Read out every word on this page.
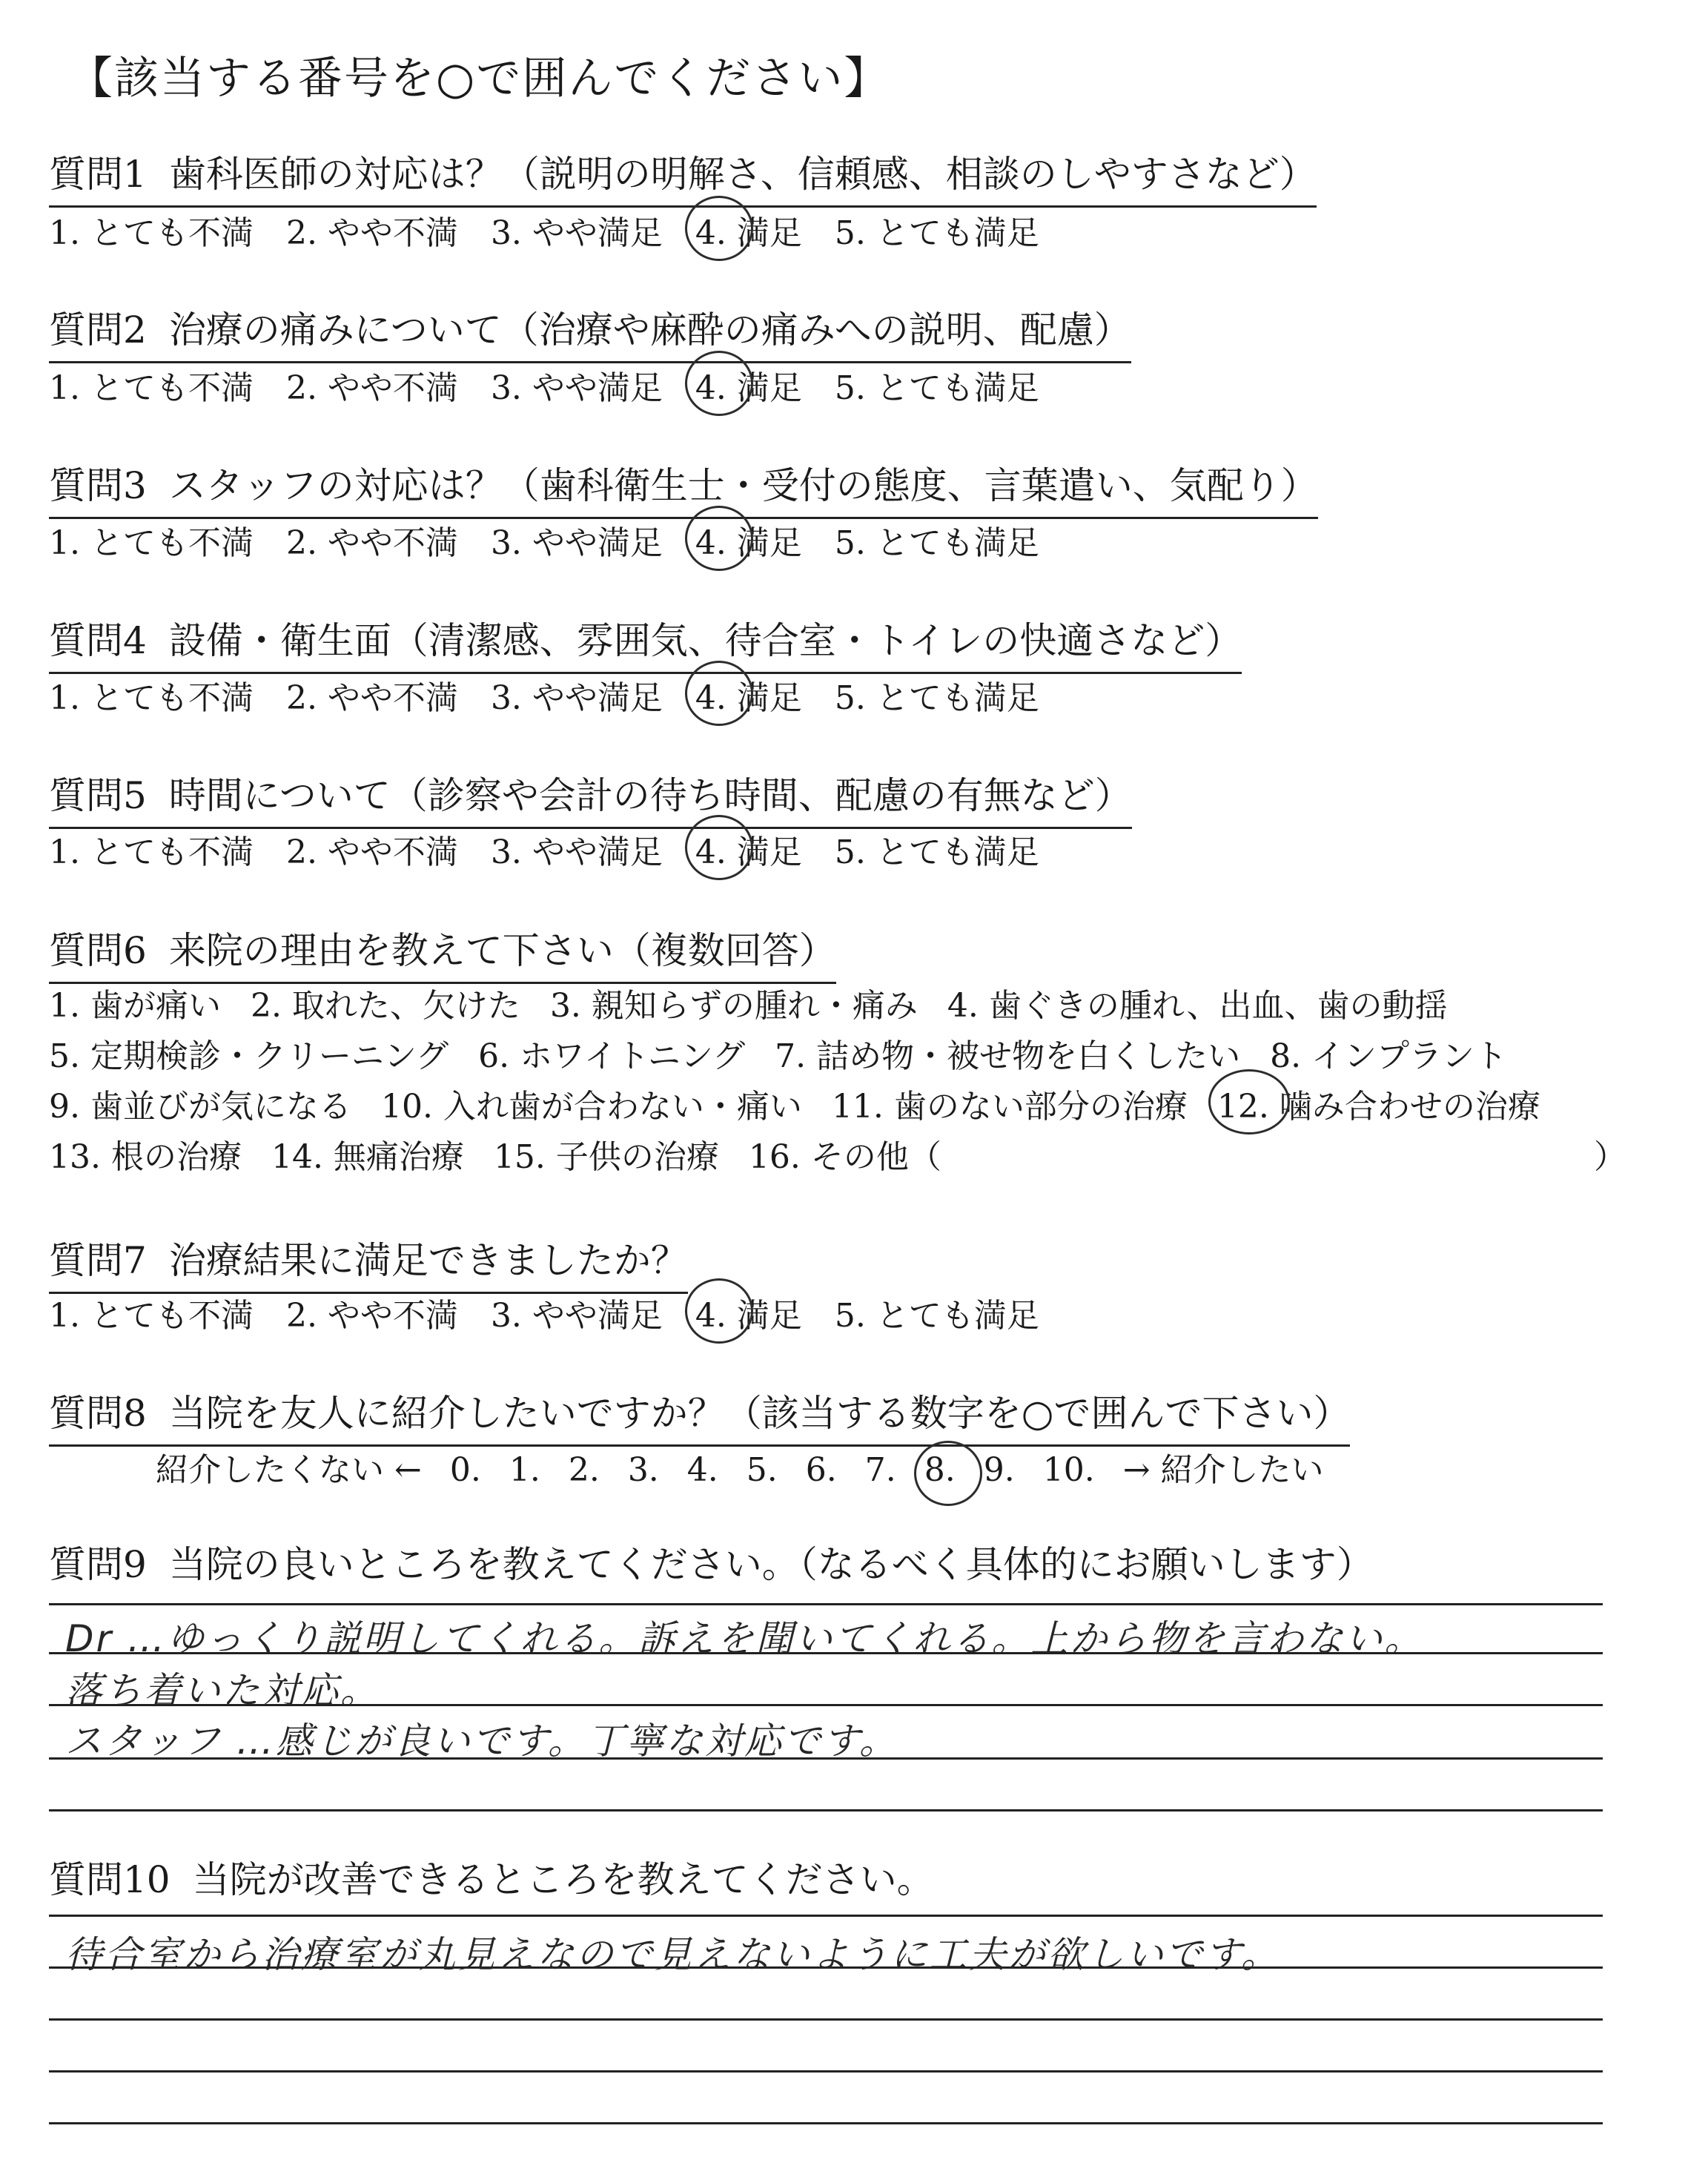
【該当する番号を○で囲んでください】
質問1 歯科医師の対応は？（説明の明解さ、信頼感、相談のしやすさなど）
1. とても不満 2. やや不満 3. やや満足 4. 満足 5. とても満足
質問2 治療の痛みについて（治療や麻酔の痛みへの説明、配慮）
1. とても不満 2. やや不満 3. やや満足 4. 満足 5. とても満足
質問3 スタッフの対応は？（歯科衛生士・受付の態度、言葉遣い、気配り）
1. とても不満 2. やや不満 3. やや満足 4. 満足 5. とても満足
質問4 設備・衛生面（清潔感、雰囲気、待合室・トイレの快適さなど）
1. とても不満 2. やや不満 3. やや満足 4. 満足 5. とても満足
質問5 時間について（診察や会計の待ち時間、配慮の有無など）
1. とても不満 2. やや不満 3. やや満足 4. 満足 5. とても満足
質問6 来院の理由を教えて下さい（複数回答）
1. 歯が痛い 2. 取れた、欠けた 3. 親知らずの腫れ・痛み 4. 歯ぐきの腫れ、出血、歯の動揺
5. 定期検診・クリーニング 6. ホワイトニング 7. 詰め物・被せ物を白くしたい 8. インプラント
9. 歯並びが気になる 10. 入れ歯が合わない・痛い 11. 歯のない部分の治療 12. 噛み合わせの治療
13. 根の治療 14. 無痛治療 15. 子供の治療 16. その他（	）
質問7 治療結果に満足できましたか？
1. とても不満 2. やや不満 3. やや満足 4. 満足 5. とても満足
質問8 当院を友人に紹介したいですか？（該当する数字を○で囲んで下さい）
紹介したくない ← 0. 1. 2. 3. 4. 5. 6. 7. 8. 9. 10. → 紹介したい
質問9 当院の良いところを教えてください。（なるべく具体的にお願いします）
Dr …ゆっくり説明してくれる。訴えを聞いてくれる。上から物を言わない。
落ち着いた対応。
スタッフ …感じが良いです。丁寧な対応です。
質問10 当院が改善できるところを教えてください。
待合室から治療室が丸見えなので見えないように工夫が欲しいです。
